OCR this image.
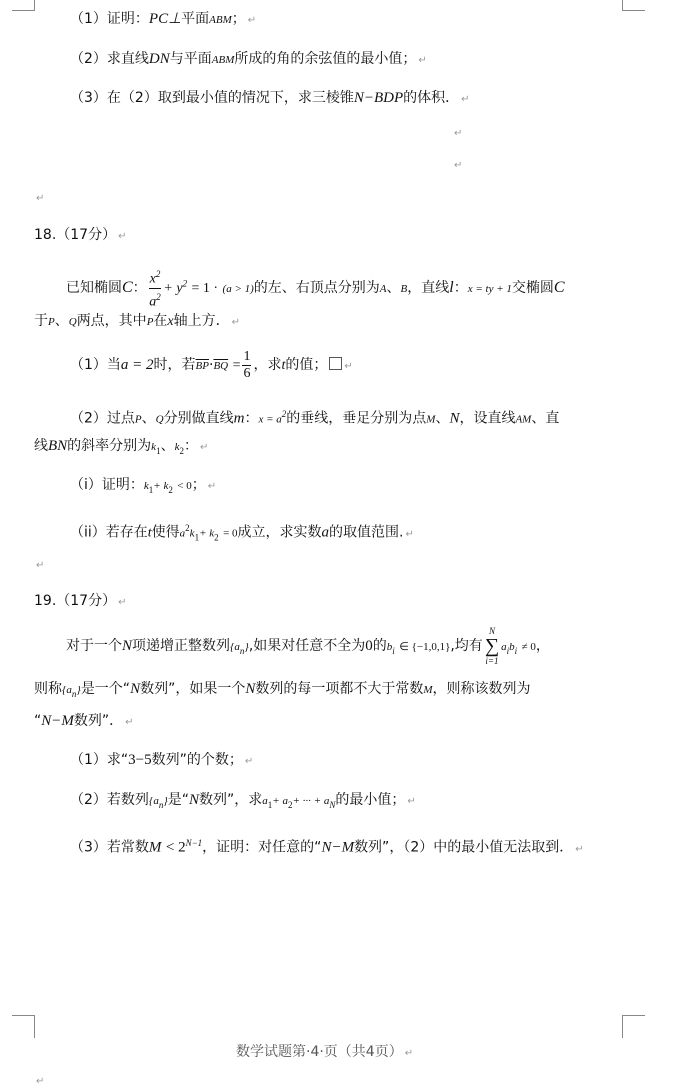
（1）证明：PC⊥平面ABM； ↵
（2）求直线DN与平面ABM所成的角的余弦值的最小值； ↵
（3）在（2）取到最小值的情况下，求三棱锥N−BDP的体积． ↵
↵
↵
↵
18.（17分） ↵
已知椭圆C： $\frac{x^2}{a^2} + y^2 = 1 \cdot (a > 1)$的左、右顶点分别为A、B，直线l：x = ty + 1交椭圆C
于P、Q两点，其中P在x轴上方． ↵
（1）当a = 2时，若$\overline{BP}\cdot\overline{BQ} = \frac{1}{6}$ ，求t的值； ↵
（2）过点P、Q分别做直线m：$x = a^2$的垂线，垂足分别为点M、N，设直线AM、直
线BN的斜率分别为$k_1$、$k_2$： ↵
（i）证明：$k_1+ k_2 < 0$； ↵
（ii）若存在t使得$a^2k_1+ k_2 = 0$成立，求实数a的取值范围. ↵
↵
19.（17分） ↵
对于一个N项递增正整数列$\{a_n\}$,如果对任意不全为0的$b_i$ ∈ {−1,0,1},均有
N
∑
i=1
$a_ib_i \ne 0$，
则称$\{a_n\}$是一个“N数列”，如果一个N数列的每一项都不大于常数M，则称该数列为
“N−M数列”． ↵
（1）求“3−5数列”的个数； ↵
（2）若数列$\{a_n\}$是“N数列”，求$a_1+ a_2+$ ··· + $a_N$的最小值； ↵
（3）若常数$M < 2^{N-1}$，证明：对任意的“N−M数列”，（2）中的最小值无法取到． ↵
数学试题第·4·页（共4页） ↵
↵
